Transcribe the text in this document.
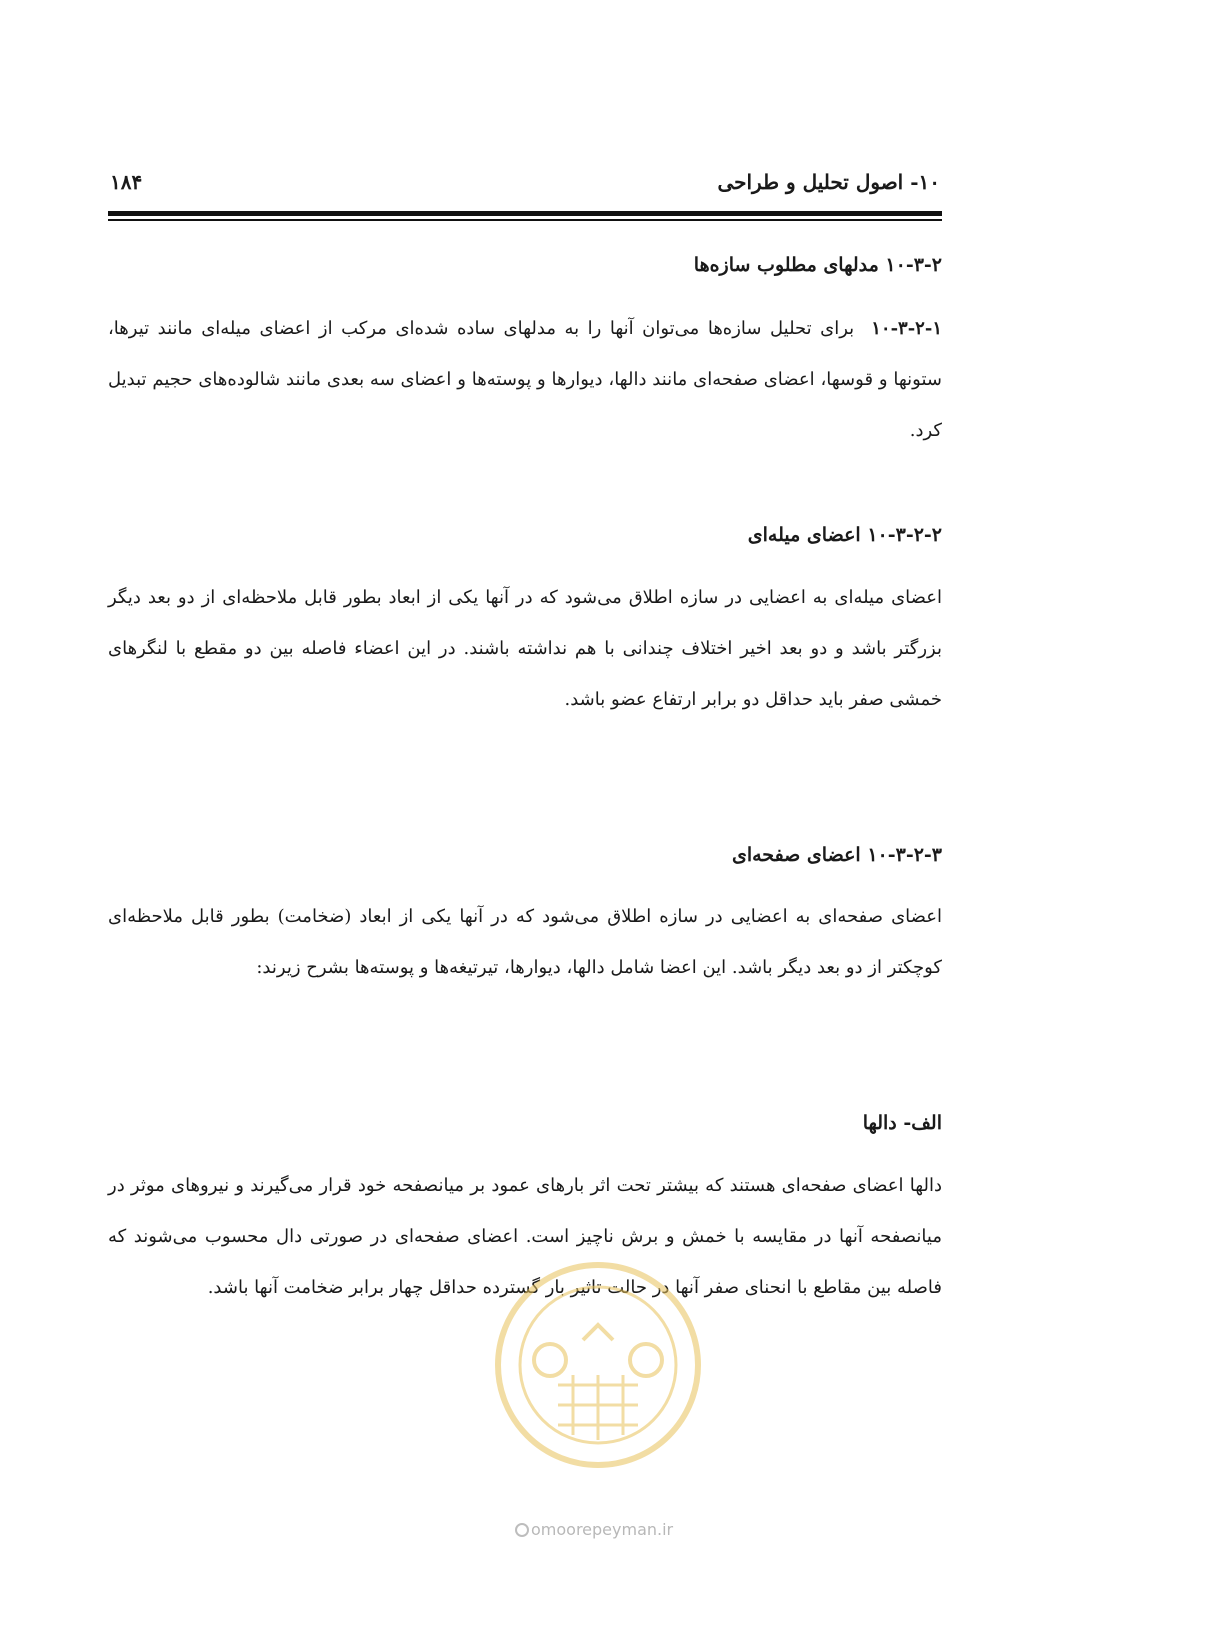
۱۰- اصول تحلیل و طراحی
۱۸۴
۱۰-۳-۲ مدلهای مطلوب سازه‌ها
۱۰-۳-۲-۱  برای تحلیل سازه‌ها می‌توان آنها را به مدلهای ساده شده‌ای مرکب از اعضای میله‌ای مانند تیرها، ستونها و قوسها، اعضای صفحه‌ای مانند دالها، دیوارها و پوسته‌ها و اعضای سه بعدی مانند شالوده‌های حجیم تبدیل کرد.
۱۰-۳-۲-۲ اعضای میله‌ای
اعضای میله‌ای به اعضایی در سازه اطلاق می‌شود که در آنها یکی از ابعاد بطور قابل ملاحظه‌ای از دو بعد دیگر بزرگتر باشد و دو بعد اخیر اختلاف چندانی با هم نداشته باشند. در این اعضاء فاصله بین دو مقطع با لنگرهای خمشی صفر باید حداقل دو برابر ارتفاع عضو باشد.
۱۰-۳-۲-۳ اعضای صفحه‌ای
اعضای صفحه‌ای به اعضایی در سازه اطلاق می‌شود که در آنها یکی از ابعاد (ضخامت) بطور قابل ملاحظه‌ای کوچکتر از دو بعد دیگر باشد. این اعضا شامل دالها، دیوارها، تیرتیغه‌ها و پوسته‌ها بشرح زیرند:
الف- دالها
دالها اعضای صفحه‌ای هستند که بیشتر تحت اثر بارهای عمود بر میانصفحه خود قرار می‌گیرند و نیروهای موثر در میانصفحه آنها در مقایسه با خمش و برش ناچیز است. اعضای صفحه‌ای در صورتی دال محسوب می‌شوند که فاصله بین مقاطع با انحنای صفر آنها در حالت تاثیر بار گسترده حداقل چهار برابر ضخامت آنها باشد.
omoorepeyman.ir
